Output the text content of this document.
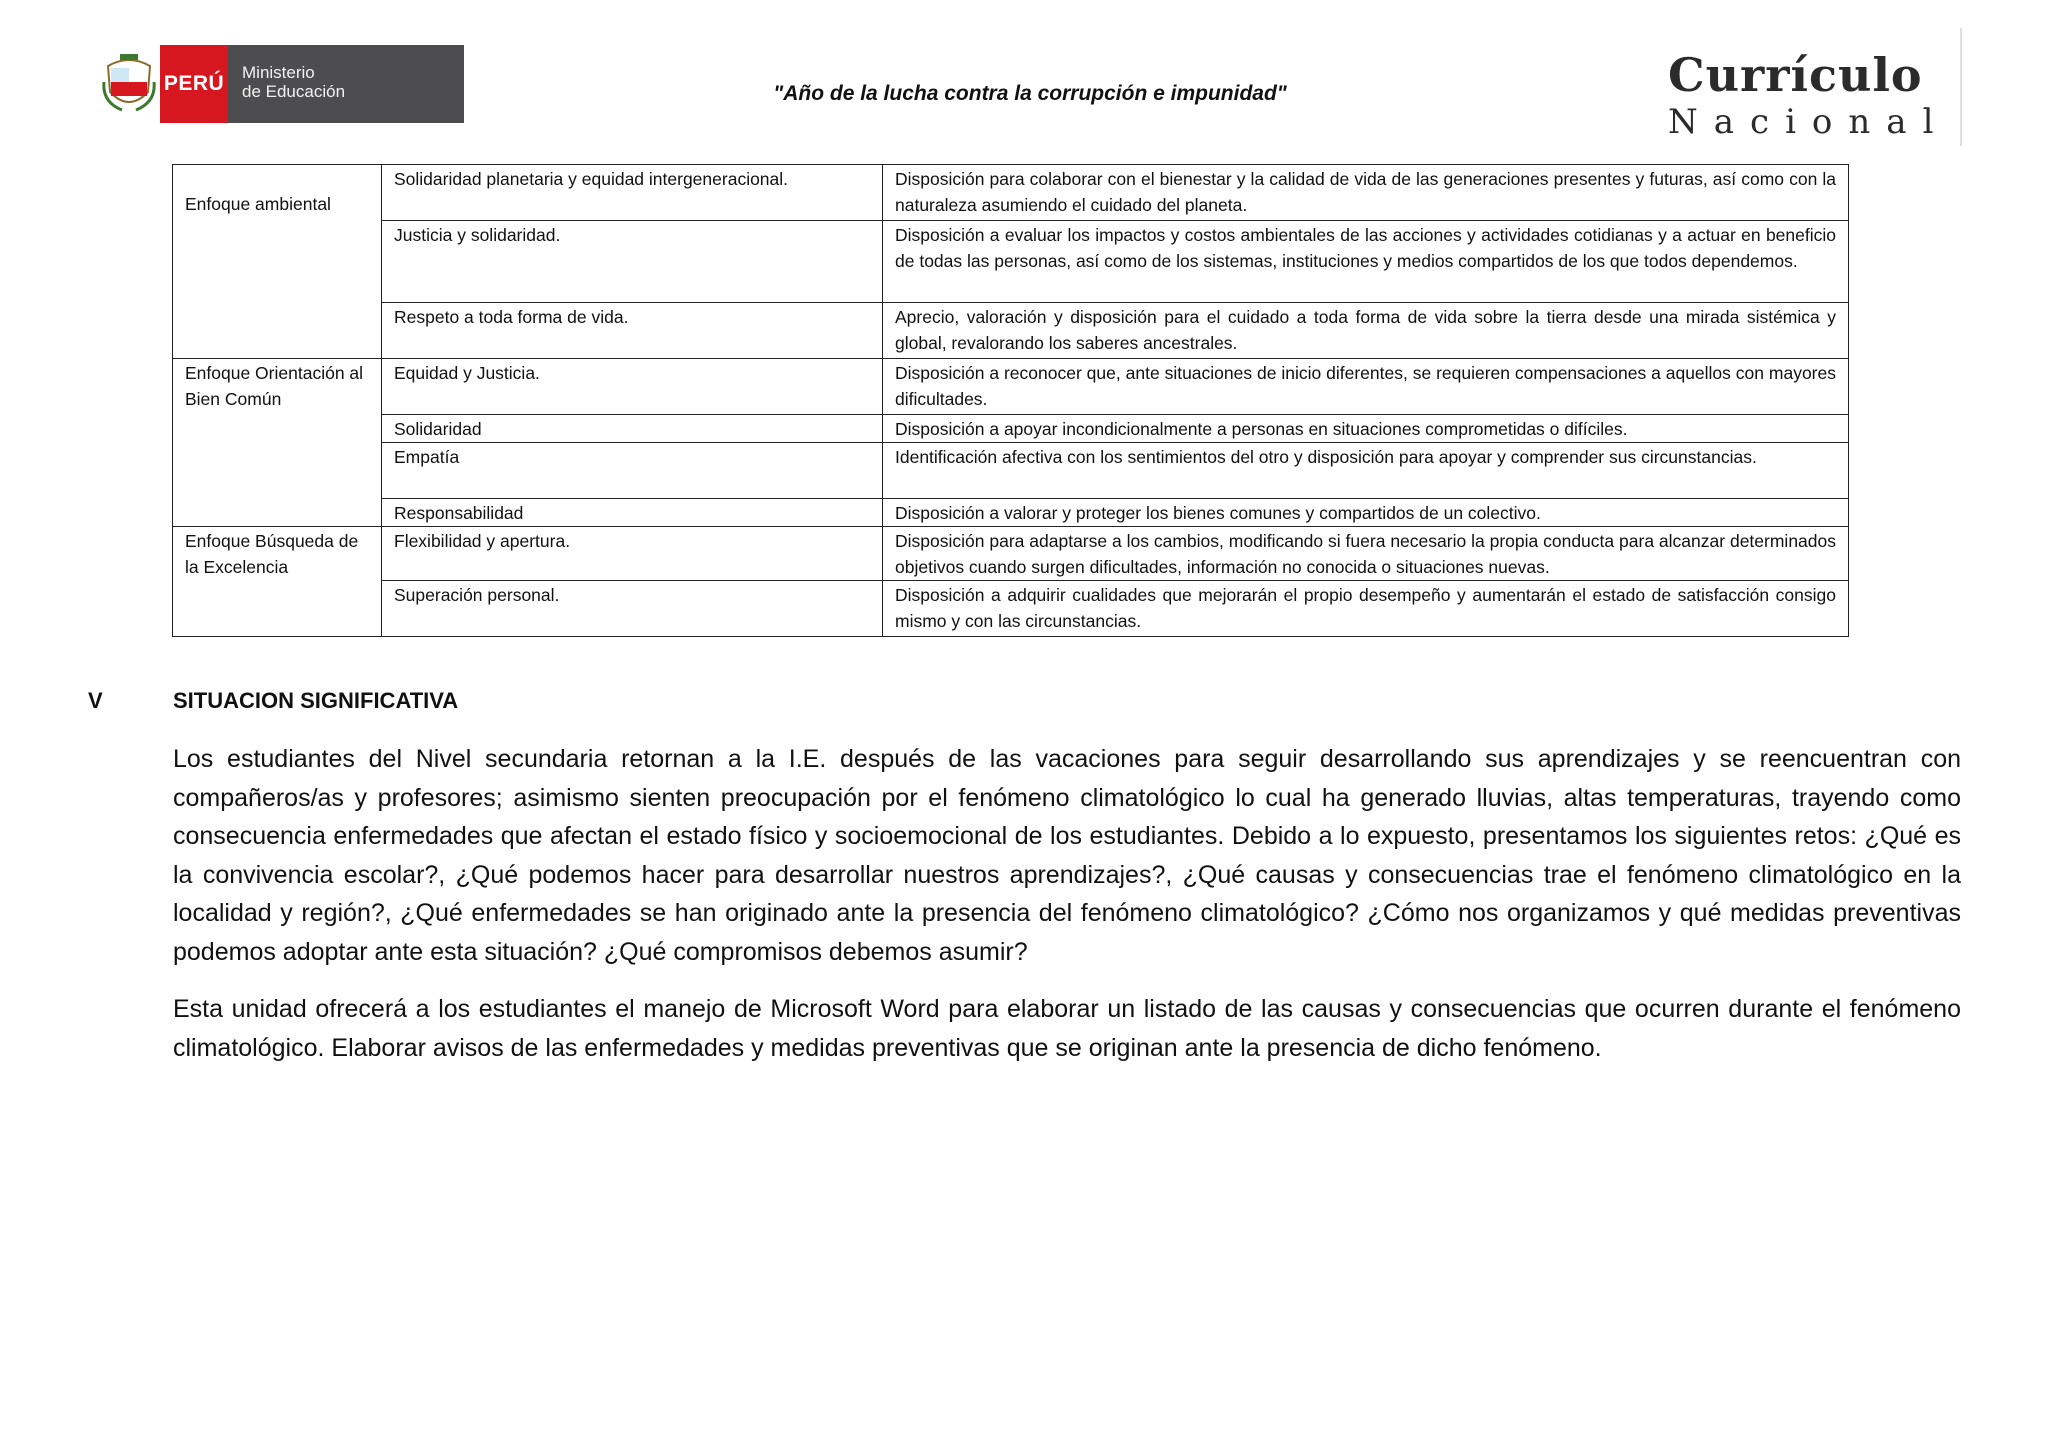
PERÚ Ministerio
de Educación	"Año de la lucha contra la corrupción e impunidad"	Currículo
Nacional
Enfoque ambiental	Solidaridad planetaria y equidad intergeneracional.	Disposición para colaborar con el bienestar y la calidad de vida de las generaciones presentes y futuras, así como con la naturaleza asumiendo el cuidado del planeta.
	Justicia y solidaridad.	Disposición a evaluar los impactos y costos ambientales de las acciones y actividades cotidianas y a actuar en beneficio de todas las personas, así como de los sistemas, instituciones y medios compartidos de los que todos dependemos.
	Respeto a toda forma de vida.	Aprecio, valoración y disposición para el cuidado a toda forma de vida sobre la tierra desde una mirada sistémica y global, revalorando los saberes ancestrales.
Enfoque Orientación al Bien Común	Equidad y Justicia.	Disposición a reconocer que, ante situaciones de inicio diferentes, se requieren compensaciones a aquellos con mayores dificultades.
	Solidaridad	Disposición a apoyar incondicionalmente a personas en situaciones comprometidas o difíciles.
	Empatía	Identificación afectiva con los sentimientos del otro y disposición para apoyar y comprender sus circunstancias.
	Responsabilidad	Disposición a valorar y proteger los bienes comunes y compartidos de un colectivo.
Enfoque Búsqueda de la Excelencia	Flexibilidad y apertura.	Disposición para adaptarse a los cambios, modificando si fuera necesario la propia conducta para alcanzar determinados objetivos cuando surgen dificultades, información no conocida o situaciones nuevas.
	Superación personal.	Disposición a adquirir cualidades que mejorarán el propio desempeño y aumentarán el estado de satisfacción consigo mismo y con las circunstancias.
V	SITUACION SIGNIFICATIVA
Los estudiantes del Nivel secundaria retornan a la I.E. después de las vacaciones para seguir desarrollando sus aprendizajes y se reencuentran con compañeros/as y profesores; asimismo sienten preocupación por el fenómeno climatológico lo cual ha generado lluvias, altas temperaturas, trayendo como consecuencia enfermedades que afectan el estado físico y socioemocional de los estudiantes. Debido a lo expuesto, presentamos los siguientes retos: ¿Qué es la convivencia escolar?, ¿Qué podemos hacer para desarrollar nuestros aprendizajes?, ¿Qué causas y consecuencias trae el fenómeno climatológico en la localidad y región?, ¿Qué enfermedades se han originado ante la presencia del fenómeno climatológico? ¿Cómo nos organizamos y qué medidas preventivas podemos adoptar ante esta situación? ¿Qué compromisos debemos asumir?
Esta unidad ofrecerá a los estudiantes el manejo de Microsoft Word para elaborar un listado de las causas y consecuencias que ocurren durante el fenómeno climatológico. Elaborar avisos de las enfermedades y medidas preventivas que se originan ante la presencia de dicho fenómeno.
